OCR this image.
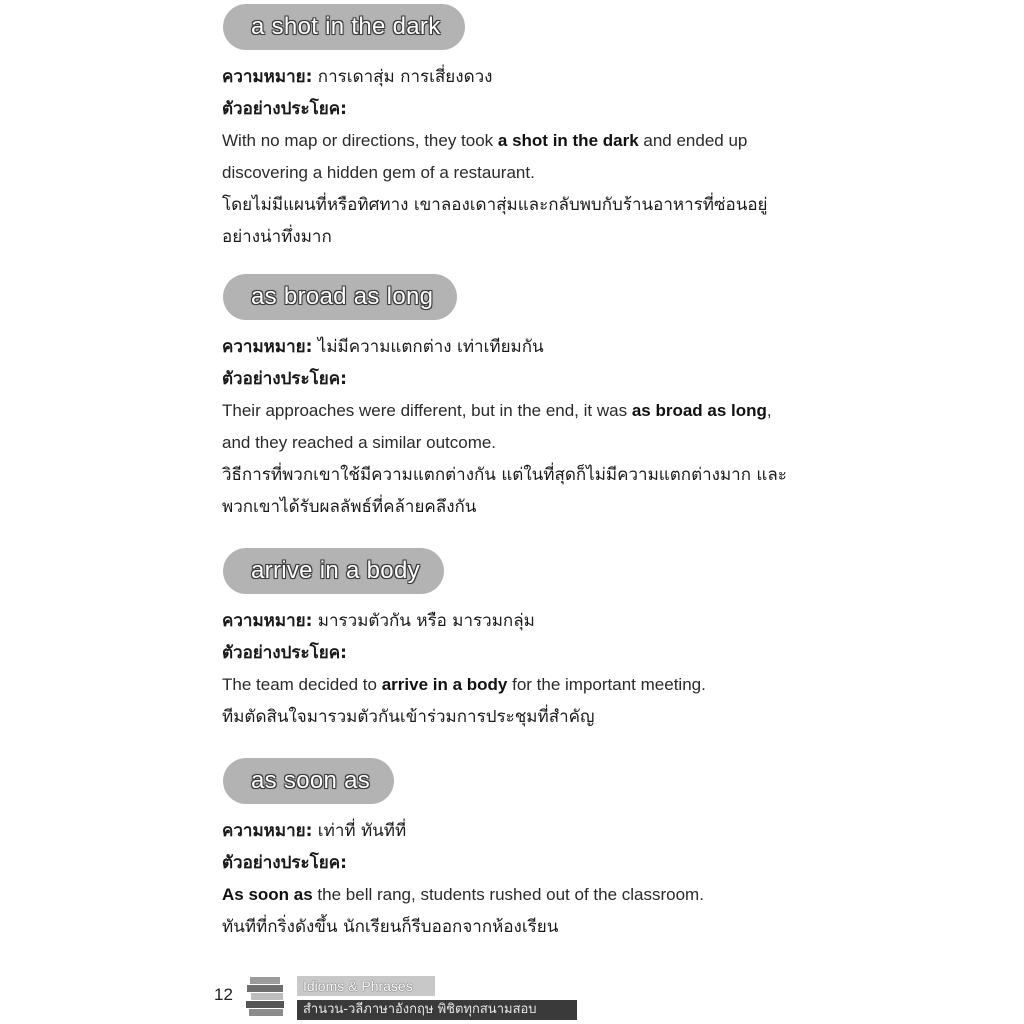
a shot in the dark
ความหมาย: การเดาสุ่ม การเสี่ยงดวง
ตัวอย่างประโยค:
With no map or directions, they took a shot in the dark and ended up
discovering a hidden gem of a restaurant.
โดยไม่มีแผนที่หรือทิศทาง เขาลองเดาสุ่มและกลับพบกับร้านอาหารที่ซ่อนอยู่
อย่างน่าทึ่งมาก
as broad as long
ความหมาย: ไม่มีความแตกต่าง เท่าเทียมกัน
ตัวอย่างประโยค:
Their approaches were different, but in the end, it was as broad as long,
and they reached a similar outcome.
วิธีการที่พวกเขาใช้มีความแตกต่างกัน แต่ในที่สุดก็ไม่มีความแตกต่างมาก และ
พวกเขาได้รับผลลัพธ์ที่คล้ายคลึงกัน
arrive in a body
ความหมาย: มารวมตัวกัน หรือ มารวมกลุ่ม
ตัวอย่างประโยค:
The team decided to arrive in a body for the important meeting.
ทีมตัดสินใจมารวมตัวกันเข้าร่วมการประชุมที่สำคัญ
as soon as
ความหมาย: เท่าที่ ทันทีที่
ตัวอย่างประโยค:
As soon as the bell rang, students rushed out of the classroom.
ทันทีที่กริ่งดังขึ้น นักเรียนก็รีบออกจากห้องเรียน
12	Idioms & Phrases
สำนวน-วลีภาษาอังกฤษ พิชิตทุกสนามสอบ
